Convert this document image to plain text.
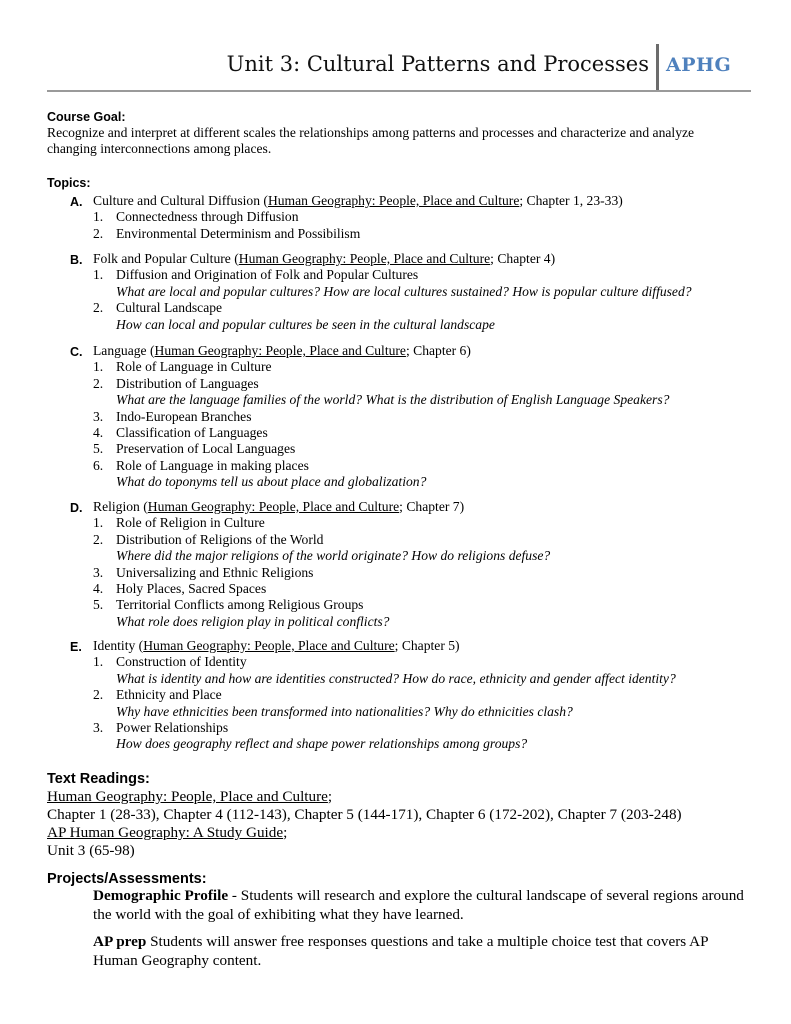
Unit 3: Cultural Patterns and Processes APHG
Course Goal:
Recognize and interpret at different scales the relationships among patterns and processes and characterize and analyze changing interconnections among places.
Topics:
A. Culture and Cultural Diffusion (Human Geography: People, Place and Culture; Chapter 1, 23-33)
1. Connectedness through Diffusion
2. Environmental Determinism and Possibilism
B. Folk and Popular Culture (Human Geography: People, Place and Culture; Chapter 4)
1. Diffusion and Origination of Folk and Popular Cultures
What are local and popular cultures? How are local cultures sustained? How is popular culture diffused?
2. Cultural Landscape
How can local and popular cultures be seen in the cultural landscape
C. Language (Human Geography: People, Place and Culture; Chapter 6)
1. Role of Language in Culture
2. Distribution of Languages
What are the language families of the world? What is the distribution of English Language Speakers?
3. Indo-European Branches
4. Classification of Languages
5. Preservation of Local Languages
6. Role of Language in making places
What do toponyms tell us about place and globalization?
D. Religion (Human Geography: People, Place and Culture; Chapter 7)
1. Role of Religion in Culture
2. Distribution of Religions of the World
Where did the major religions of the world originate? How do religions defuse?
3. Universalizing and Ethnic Religions
4. Holy Places, Sacred Spaces
5. Territorial Conflicts among Religious Groups
What role does religion play in political conflicts?
E. Identity (Human Geography: People, Place and Culture; Chapter 5)
1. Construction of Identity
What is identity and how are identities constructed? How do race, ethnicity and gender affect identity?
2. Ethnicity and Place
Why have ethnicities been transformed into nationalities? Why do ethnicities clash?
3. Power Relationships
How does geography reflect and shape power relationships among groups?
Text Readings:
Human Geography: People, Place and Culture;
Chapter 1 (28-33), Chapter 4 (112-143), Chapter 5 (144-171), Chapter 6 (172-202), Chapter 7 (203-248)
AP Human Geography: A Study Guide;
Unit 3 (65-98)
Projects/Assessments:
Demographic Profile - Students will research and explore the cultural landscape of several regions around the world with the goal of exhibiting what they have learned.
AP prep Students will answer free responses questions and take a multiple choice test that covers AP Human Geography content.
